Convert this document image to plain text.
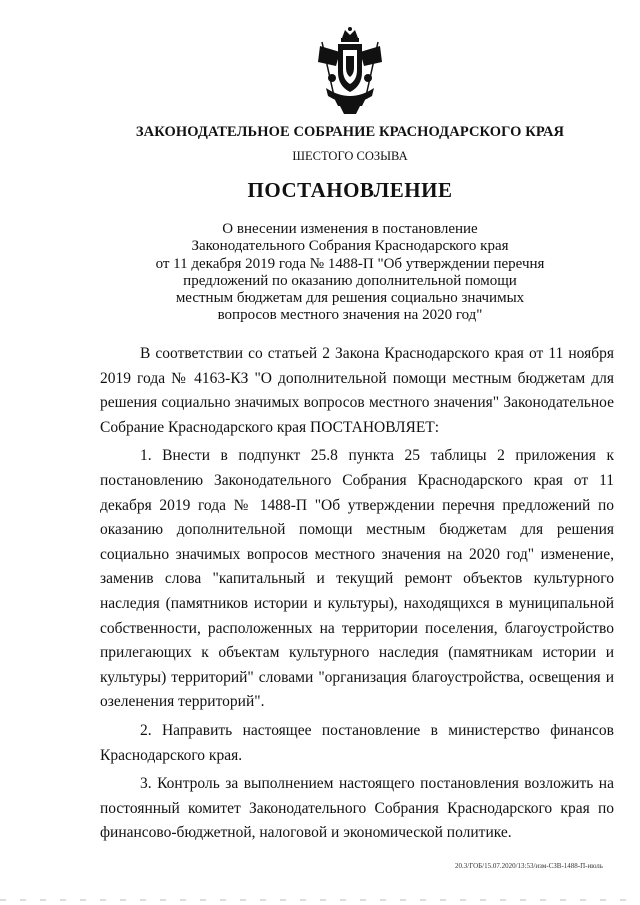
ЗАКОНОДАТЕЛЬНОЕ СОБРАНИЕ КРАСНОДАРСКОГО КРАЯ
ШЕСТОГО СОЗЫВА
ПОСТАНОВЛЕНИЕ
О внесении изменения в постановление
Законодательного Собрания Краснодарского края
от 11 декабря 2019 года № 1488-П "Об утверждении перечня
предложений по оказанию дополнительной помощи
местным бюджетам для решения социально значимых
вопросов местного значения на 2020 год"

В соответствии со статьей 2 Закона Краснодарского края от 11 ноября 2019 года № 4163-КЗ "О дополнительной помощи местным бюджетам для решения социально значимых вопросов местного значения" Законодательное Собрание Краснодарского края ПОСТАНОВЛЯЕТ:

1. Внести в подпункт 25.8 пункта 25 таблицы 2 приложения к постановлению Законодательного Собрания Краснодарского края от 11 декабря 2019 года № 1488-П "Об утверждении перечня предложений по оказанию дополнительной помощи местным бюджетам для решения социально значимых вопросов местного значения на 2020 год" изменение, заменив слова "капитальный и текущий ремонт объектов культурного наследия (памятников истории и культуры), находящихся в муниципальной собственности, расположенных на территории поселения, благоустройство прилегающих к объектам культурного наследия (памятникам истории и культуры) территорий" словами "организация благоустройства, освещения и озеленения территорий".

2. Направить настоящее постановление в министерство финансов Краснодарского края.

3. Контроль за выполнением настоящего постановления возложить на постоянный комитет Законодательного Собрания Краснодарского края по финансово-бюджетной, налоговой и экономической политике.

20.3/ГОБ/15.07.2020/13:53/изм-СЗВ-1488-П-июль
